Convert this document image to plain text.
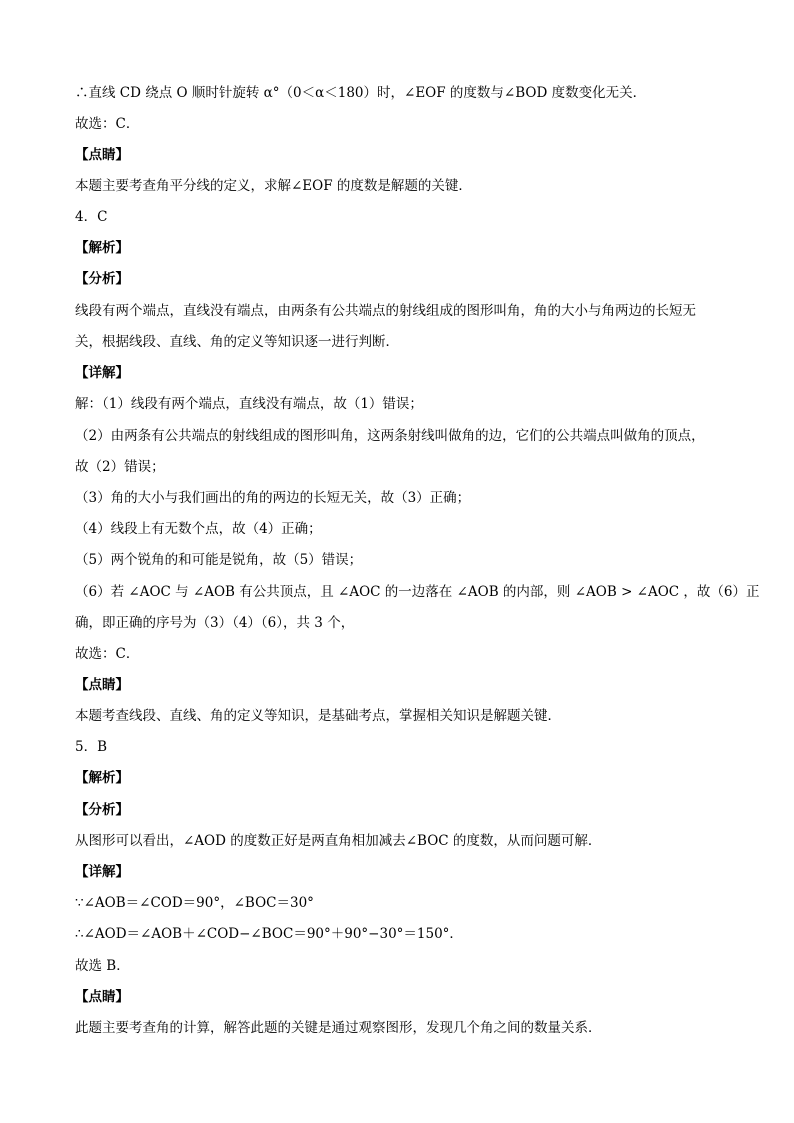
∴直线 CD 绕点 O 顺时针旋转 α°（0＜α＜180）时，∠EOF 的度数与∠BOD 度数变化无关．
故选：C．
【点睛】
本题主要考查角平分线的定义，求解∠EOF 的度数是解题的关键．
4．C
【解析】
【分析】
线段有两个端点，直线没有端点，由两条有公共端点的射线组成的图形叫角，角的大小与角两边的长短无
关，根据线段、直线、角的定义等知识逐一进行判断．
【详解】
解：（1）线段有两个端点，直线没有端点，故（1）错误；
（2）由两条有公共端点的射线组成的图形叫角，这两条射线叫做角的边，它们的公共端点叫做角的顶点，
故（2）错误；
（3）角的大小与我们画出的角的两边的长短无关，故（3）正确；
（4）线段上有无数个点，故（4）正确；
（5）两个锐角的和可能是锐角，故（5）错误；
（6）若 ∠AOC 与 ∠AOB 有公共顶点，且 ∠AOC 的一边落在 ∠AOB 的内部，则 ∠AOB > ∠AOC ，故（6）正
确，即正确的序号为（3）（4）（6），共 3 个，
故选：C．
【点睛】
本题考查线段、直线、角的定义等知识，是基础考点，掌握相关知识是解题关键．
5．B
【解析】
【分析】
从图形可以看出，∠AOD 的度数正好是两直角相加减去∠BOC 的度数，从而问题可解．
【详解】
∵∠AOB＝∠COD＝90°，∠BOC＝30°
∴∠AOD＝∠AOB＋∠COD−∠BOC＝90°＋90°−30°＝150°．
故选 B．
【点睛】
此题主要考查角的计算，解答此题的关键是通过观察图形，发现几个角之间的数量关系．
